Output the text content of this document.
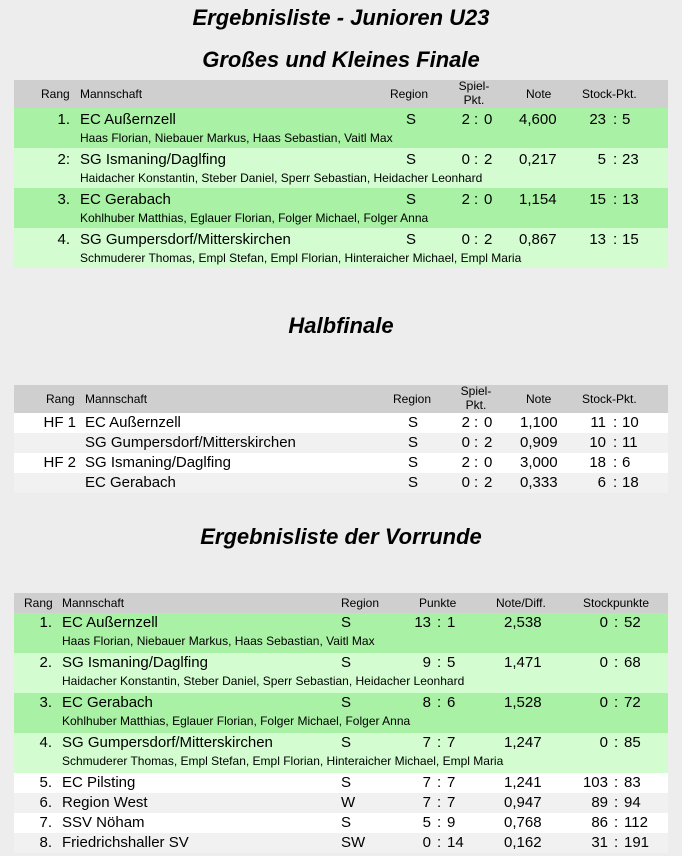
Ergebnisliste - Junioren U23
Großes und Kleines Finale
Rang Mannschaft	Region
Spiel-
Pkt.	Note	Stock-Pkt.
1. EC Außernzell	S	2 : 0	4,600	23 : 5
Haas Florian, Niebauer Markus, Haas Sebastian, Vaitl Max
2: SG Ismaning/Daglfing	S	0 : 2	0,217	5 : 23
Haidacher Konstantin, Steber Daniel, Sperr Sebastian, Heidacher Leonhard
3. EC Gerabach	S	2 : 0	1,154	15 : 13
Kohlhuber Matthias, Eglauer Florian, Folger Michael, Folger Anna
4. SG Gumpersdorf/Mitterskirchen	S	0 : 2	0,867	13 : 15
Schmuderer Thomas, Empl Stefan, Empl Florian, Hinteraicher Michael, Empl Maria
Halbfinale
Rang Mannschaft	Region
Spiel-
Pkt.	Note	Stock-Pkt.
HF 1 EC Außernzell	S	2 : 0	1,100	11 : 10
SG Gumpersdorf/Mitterskirchen	S	0 : 2	0,909	10 : 11
HF 2 SG Ismaning/Daglfing	S	2 : 0	3,000	18 : 6
EC Gerabach	S	0 : 2	0,333	6 : 18
Ergebnisliste der Vorrunde
Rang Mannschaft	Region	Punkte	Note/Diff.	Stockpunkte
1. EC Außernzell	S	13 : 1	2,538	0 : 52
Haas Florian, Niebauer Markus, Haas Sebastian, Vaitl Max
2. SG Ismaning/Daglfing	S	9 : 5	1,471	0 : 68
Haidacher Konstantin, Steber Daniel, Sperr Sebastian, Heidacher Leonhard
3. EC Gerabach	S	8 : 6	1,528	0 : 72
Kohlhuber Matthias, Eglauer Florian, Folger Michael, Folger Anna
4. SG Gumpersdorf/Mitterskirchen	S	7 : 7	1,247	0 : 85
Schmuderer Thomas, Empl Stefan, Empl Florian, Hinteraicher Michael, Empl Maria
5. EC Pilsting	S	7 : 7	1,241	103 : 83
6. Region West	W	7 : 7	0,947	89 : 94
7. SSV Nöham	S	5 : 9	0,768	86 : 112
8. Friedrichshaller SV	SW	0 : 14	0,162	31 : 191
